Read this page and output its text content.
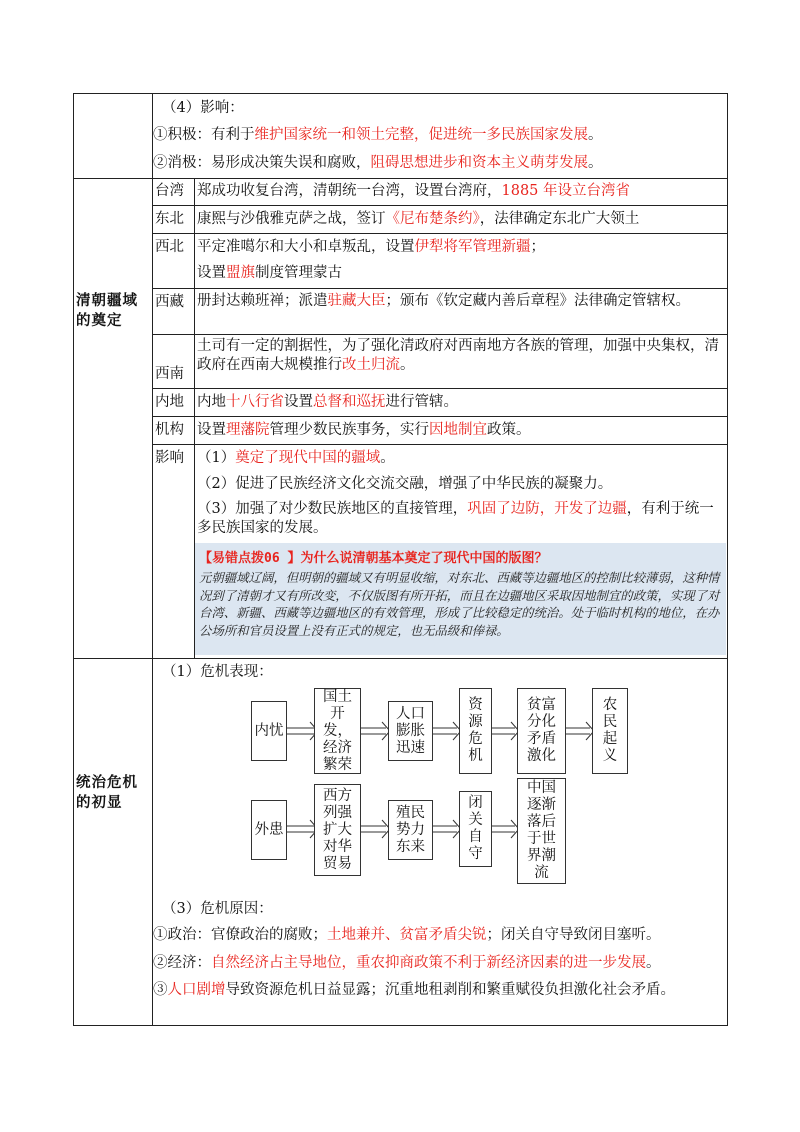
（4）影响：
①积极：有利于维护国家统一和领土完整，促进统一多民族国家发展。
②消极：易形成决策失误和腐败，阻碍思想进步和资本主义萌芽发展。
清朝疆域的奠定
台湾 郑成功收复台湾，清朝统一台湾，设置台湾府，1885 年设立台湾省
东北 康熙与沙俄雅克萨之战，签订《尼布楚条约》，法律确定东北广大领土
西北 平定准噶尔和大小和卓叛乱，设置伊犁将军管理新疆；
设置盟旗制度管理蒙古
西藏 册封达赖班禅；派遣驻藏大臣；颁布《钦定藏内善后章程》法律确定管辖权。
西南
土司有一定的割据性，为了强化清政府对西南地方各族的管理，加强中央集权，清政府在西南大规模推行改土归流。
内地 内地十八行省设置总督和巡抚进行管辖。
机构 设置理藩院管理少数民族事务，实行因地制宜政策。
影响 （1）奠定了现代中国的疆域。
（2）促进了民族经济文化交流交融，增强了中华民族的凝聚力。
（3）加强了对少数民族地区的直接管理，巩固了边防，开发了边疆，有利于统一多民族国家的发展。
【易错点拨06 】为什么说清朝基本奠定了现代中国的版图？
元朝疆域辽阔，但明朝的疆域又有明显收缩，对东北、西藏等边疆地区的控制比较薄弱，这种情况到了清朝才又有所改变，不仅版图有所开拓，而且在边疆地区采取因地制宜的政策，实现了对台湾、新疆、西藏等边疆地区的有效管理，形成了比较稳定的统治。处于临时机构的地位，在办公场所和官员设置上没有正式的规定，也无品级和俸禄。
统治危机的初显
（1）危机表现：
内忧
国土开发，经济繁荣
人口膨胀迅速
资源危机
贫富分化矛盾激化
农民起义
外患
西方列强扩大对华贸易
殖民势力东来
闭关自守
中国逐渐落后于世界潮流
（3）危机原因：
①政治：官僚政治的腐败；土地兼并、贫富矛盾尖锐；闭关自守导致闭目塞听。
②经济：自然经济占主导地位，重农抑商政策不利于新经济因素的进一步发展。
③人口剧增导致资源危机日益显露；沉重地租剥削和繁重赋役负担激化社会矛盾。
